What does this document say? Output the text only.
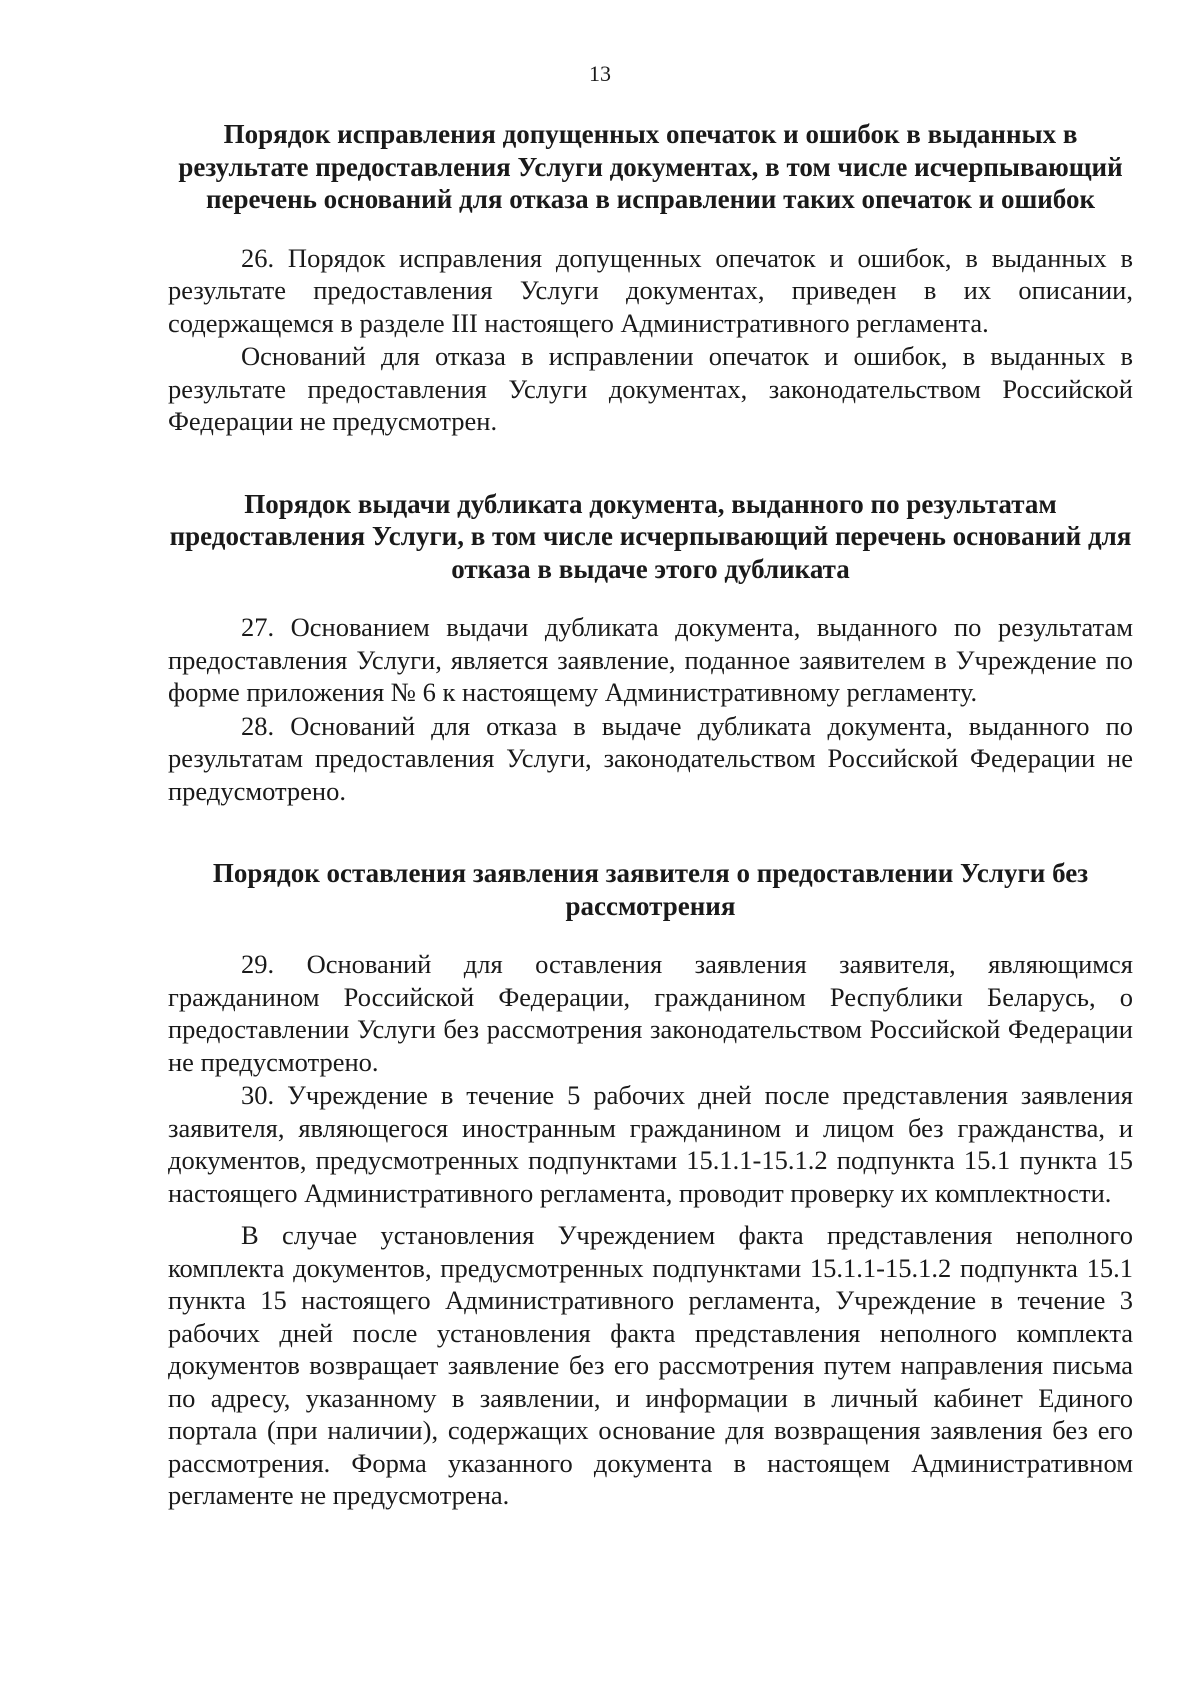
13
Порядок исправления допущенных опечаток и ошибок в выданных в результате предоставления Услуги документах, в том числе исчерпывающий перечень оснований для отказа в исправлении таких опечаток и ошибок

26. Порядок исправления допущенных опечаток и ошибок, в выданных в результате предоставления Услуги документах, приведен в их описании, содержащемся в разделе III настоящего Административного регламента.

Оснований для отказа в исправлении опечаток и ошибок, в выданных в результате предоставления Услуги документах, законодательством Российской Федерации не предусмотрен.

Порядок выдачи дубликата документа, выданного по результатам предоставления Услуги, в том числе исчерпывающий перечень оснований для отказа в выдаче этого дубликата

27. Основанием выдачи дубликата документа, выданного по результатам предоставления Услуги, является заявление, поданное заявителем в Учреждение по форме приложения № 6 к настоящему Административному регламенту.

28. Оснований для отказа в выдаче дубликата документа, выданного по результатам предоставления Услуги, законодательством Российской Федерации не предусмотрено.

Порядок оставления заявления заявителя о предоставлении Услуги без рассмотрения

29. Оснований для оставления заявления заявителя, являющимся гражданином Российской Федерации, гражданином Республики Беларусь, о предоставлении Услуги без рассмотрения законодательством Российской Федерации не предусмотрено.

30. Учреждение в течение 5 рабочих дней после представления заявления заявителя, являющегося иностранным гражданином и лицом без гражданства, и документов, предусмотренных подпунктами 15.1.1-15.1.2 подпункта 15.1 пункта 15 настоящего Административного регламента, проводит проверку их комплектности.

В случае установления Учреждением факта представления неполного комплекта документов, предусмотренных подпунктами 15.1.1-15.1.2 подпункта 15.1 пункта 15 настоящего Административного регламента, Учреждение в течение 3 рабочих дней после установления факта представления неполного комплекта документов возвращает заявление без его рассмотрения путем направления письма по адресу, указанному в заявлении, и информации в личный кабинет Единого портала (при наличии), содержащих основание для возвращения заявления без его рассмотрения. Форма указанного документа в настоящем Административном регламенте не предусмотрена.
